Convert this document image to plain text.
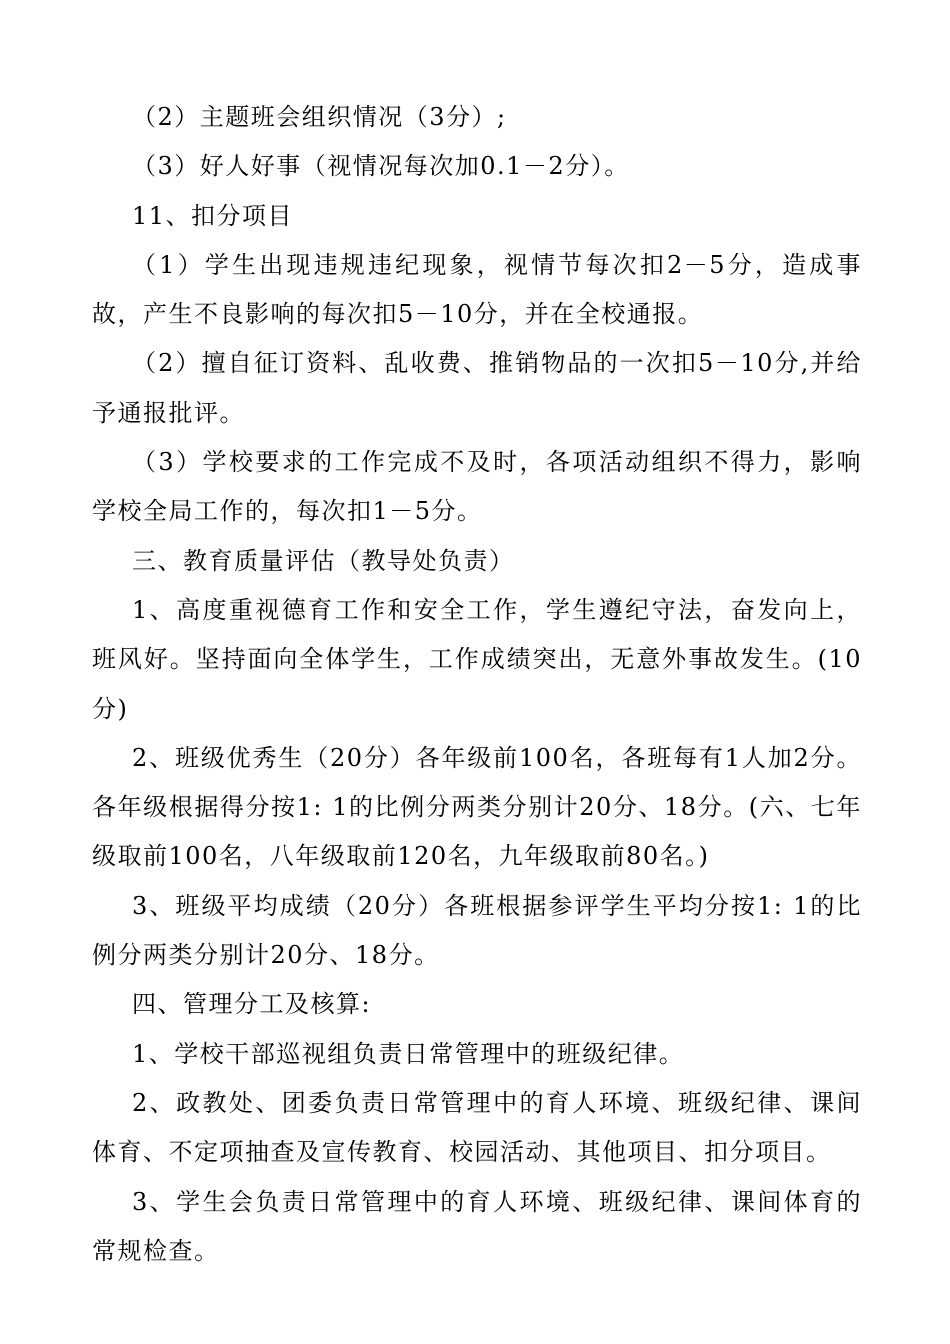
（2）主题班会组织情况（3分）;

（3）好人好事（视情况每次加0.1－2分）。

11、扣分项目

（1）学生出现违规违纪现象，视情节每次扣2－5分，造成事故，产生不良影响的每次扣5－10分，并在全校通报。

（2）擅自征订资料、乱收费、推销物品的一次扣5－10分,并给予通报批评。

（3）学校要求的工作完成不及时，各项活动组织不得力，影响学校全局工作的，每次扣1－5分。

三、教育质量评估（教导处负责）

1、高度重视德育工作和安全工作，学生遵纪守法，奋发向上，班风好。坚持面向全体学生，工作成绩突出，无意外事故发生。(10分)

2、班级优秀生（20分）各年级前100名，各班每有1人加2分。各年级根据得分按1: 1的比例分两类分别计20分、18分。(六、七年级取前100名，八年级取前120名，九年级取前80名。)

3、班级平均成绩（20分）各班根据参评学生平均分按1: 1的比例分两类分别计20分、18分。

四、管理分工及核算:

1、学校干部巡视组负责日常管理中的班级纪律。

2、政教处、团委负责日常管理中的育人环境、班级纪律、课间体育、不定项抽查及宣传教育、校园活动、其他项目、扣分项目。

3、学生会负责日常管理中的育人环境、班级纪律、课间体育的常规检查。
